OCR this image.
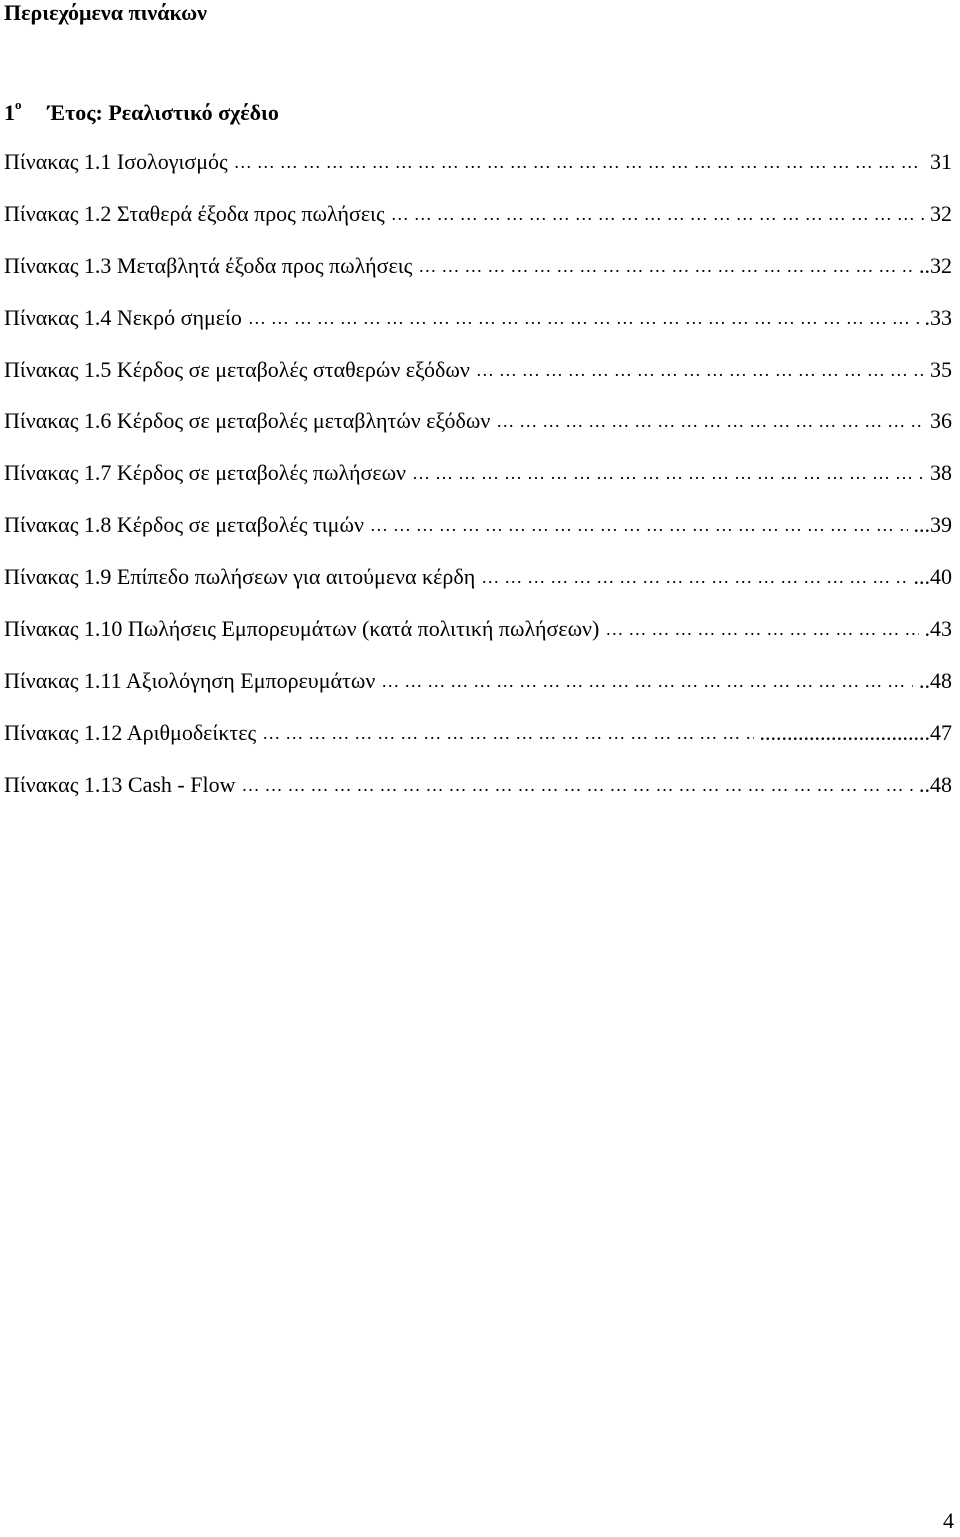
Περιεχόμενα πινάκων
$1^o$ Έτος: Ρεαλιστικό σχέδιο
Πίνακας 1.1 Ισολογισμός …………………………………………………………………………………………………………………………………………………………………………	31
Πίνακας 1.2 Σταθερά έξοδα προς πωλήσεις …………………………………………………………………………………………………………………………………………………………………………	32
Πίνακας 1.3 Μεταβλητά έξοδα προς πωλήσεις …………………………………………………………………………………………………………………………………………………………………………	..32
Πίνακας 1.4 Νεκρό σημείο …………………………………………………………………………………………………………………………………………………………………………	.33
Πίνακας 1.5 Κέρδος σε μεταβολές σταθερών εξόδων …………………………………………………………………………………………………………………………………………………………………………	35
Πίνακας 1.6 Κέρδος σε μεταβολές μεταβλητών εξόδων …………………………………………………………………………………………………………………………………………………………………………	36
Πίνακας 1.7 Κέρδος σε μεταβολές πωλήσεων …………………………………………………………………………………………………………………………………………………………………………	38
Πίνακας 1.8 Κέρδος σε μεταβολές τιμών …………………………………………………………………………………………………………………………………………………………………………	...39
Πίνακας 1.9 Επίπεδο πωλήσεων για αιτούμενα κέρδη …………………………………………………………………………………………………………………………………………………………………………	...40
Πίνακας 1.10 Πωλήσεις Εμπορευμάτων (κατά πολιτική πωλήσεων) …………………………………………………………………………………………………………………………………………………………………………	.43
Πίνακας 1.11 Αξιολόγηση Εμπορευμάτων …………………………………………………………………………………………………………………………………………………………………………	..48
Πίνακας 1.12 Αριθμοδείκτες …………………………………………………………………………………………………………………………………………………………………………	...............................47
Πίνακας 1.13 Cash - Flow …………………………………………………………………………………………………………………………………………………………………………	..48
4
